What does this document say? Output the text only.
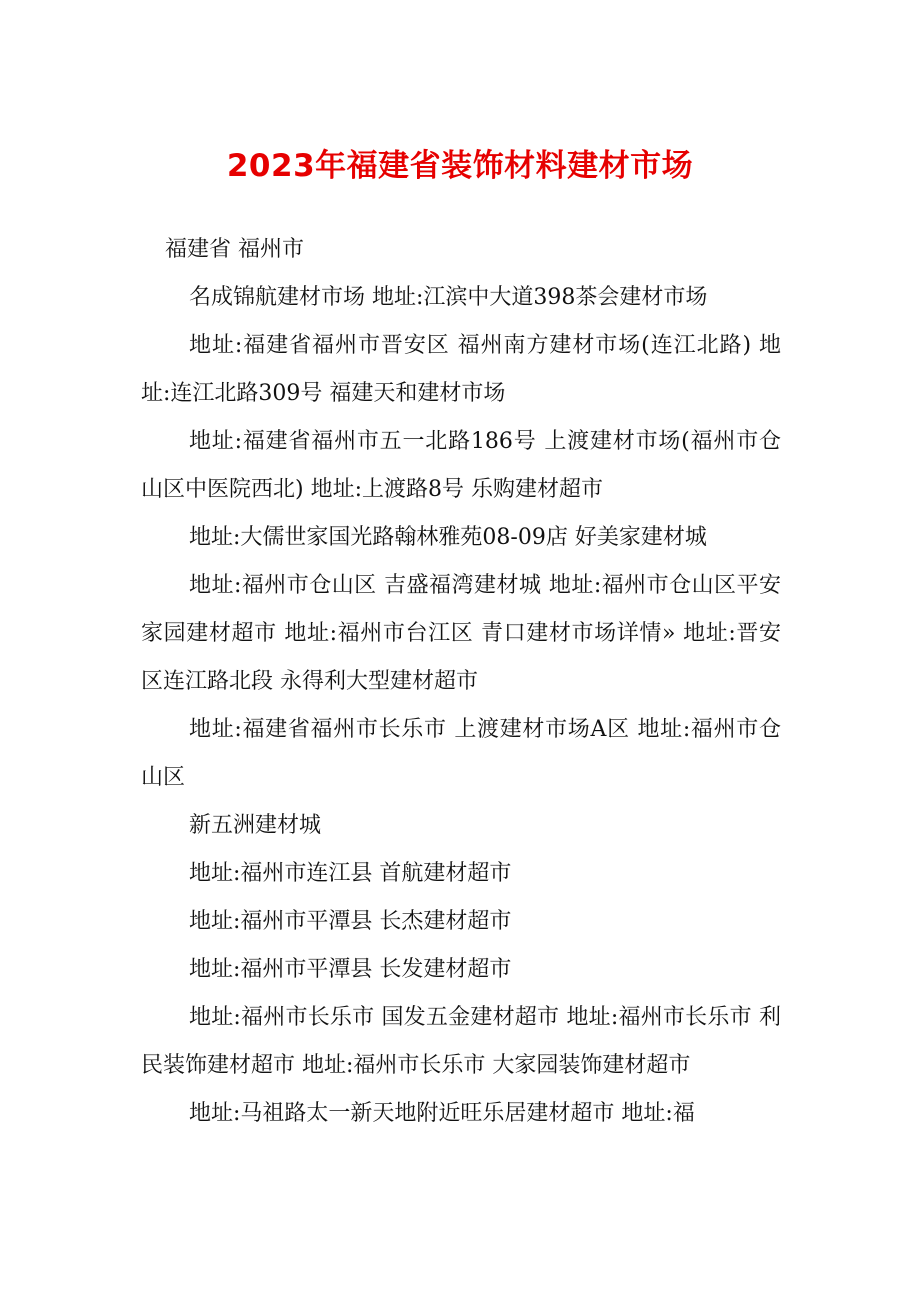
2023年福建省装饰材料建材市场

福建省 福州市

名成锦航建材市场 地址:江滨中大道398茶会建材市场

地址:福建省福州市晋安区 福州南方建材市场(连江北路) 地址:连江北路309号 福建天和建材市场

地址:福建省福州市五一北路186号 上渡建材市场(福州市仓山区中医院西北) 地址:上渡路8号 乐购建材超市

地址:大儒世家国光路翰林雅苑08-09店 好美家建材城

地址:福州市仓山区 吉盛福湾建材城 地址:福州市仓山区平安家园建材超市 地址:福州市台江区 青口建材市场详情» 地址:晋安区连江路北段 永得利大型建材超市

地址:福建省福州市长乐市 上渡建材市场A区 地址:福州市仓山区

新五洲建材城

地址:福州市连江县 首航建材超市

地址:福州市平潭县 长杰建材超市

地址:福州市平潭县 长发建材超市

地址:福州市长乐市 国发五金建材超市 地址:福州市长乐市 利民装饰建材超市 地址:福州市长乐市 大家园装饰建材超市

地址:马祖路太一新天地附近旺乐居建材超市 地址:福
